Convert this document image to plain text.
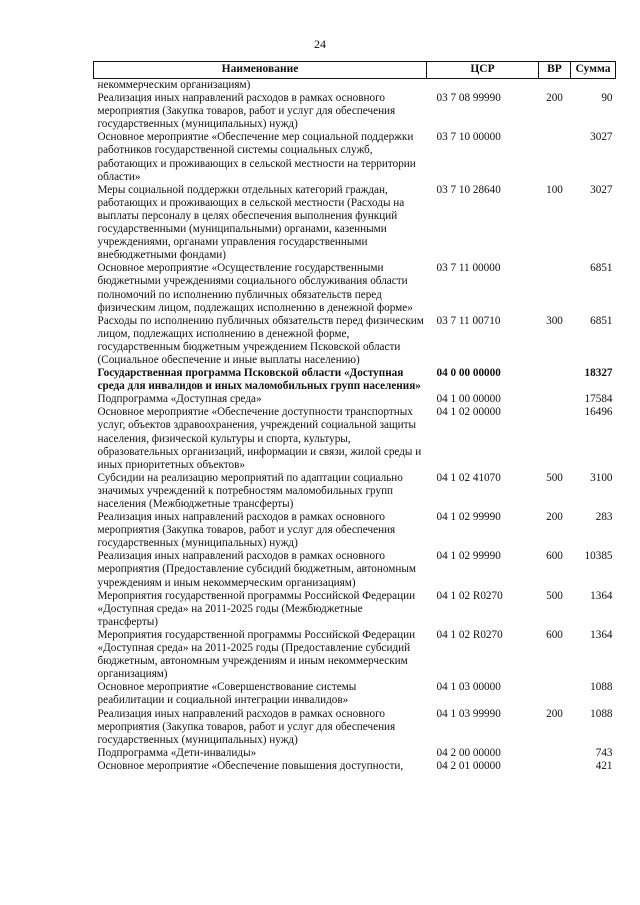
24
Наименование	ЦСР	ВР	Сумма
некоммерческим организациям)			
Реализация иных направлений расходов в рамках основного мероприятия (Закупка товаров, работ и услуг для обеспечения государственных (муниципальных) нужд)	03 7 08 99990	200	90
Основное мероприятие «Обеспечение мер социальной поддержки работников государственной системы социальных служб, работающих и проживающих в сельской местности на территории области»	03 7 10 00000		3027
Меры социальной поддержки отдельных категорий граждан, работающих и проживающих в сельской местности (Расходы на выплаты персоналу в целях обеспечения выполнения функций государственными (муниципальными) органами, казенными учреждениями, органами управления государственными внебюджетными фондами)	03 7 10 28640	100	3027
Основное мероприятие «Осуществление государственными бюджетными учреждениями социального обслуживания области полномочий по исполнению публичных обязательств перед физическим лицом, подлежащих исполнению в денежной форме»	03 7 11 00000		6851
Расходы по исполнению публичных обязательств перед физическим лицом, подлежащих исполнению в денежной форме, государственным бюджетным учреждением Псковской области (Социальное обеспечение и иные выплаты населению)	03 7 11 00710	300	6851
Государственная программа Псковской области «Доступная среда для инвалидов и иных маломобильных групп населения»	04 0 00 00000		18327
Подпрограмма «Доступная среда»	04 1 00 00000		17584
Основное мероприятие «Обеспечение доступности транспортных услуг, объектов здравоохранения, учреждений социальной защиты населения, физической культуры и спорта, культуры, образовательных организаций, информации и связи, жилой среды и иных приоритетных объектов»	04 1 02 00000		16496
Субсидии на реализацию мероприятий по адаптации социально значимых учреждений к потребностям маломобильных групп населения (Межбюджетные трансферты)	04 1 02 41070	500	3100
Реализация иных направлений расходов в рамках основного мероприятия (Закупка товаров, работ и услуг для обеспечения государственных (муниципальных) нужд)	04 1 02 99990	200	283
Реализация иных направлений расходов в рамках основного мероприятия (Предоставление субсидий бюджетным, автономным учреждениям и иным некоммерческим организациям)	04 1 02 99990	600	10385
Мероприятия государственной программы Российской Федерации «Доступная среда» на 2011-2025 годы (Межбюджетные трансферты)	04 1 02 R0270	500	1364
Мероприятия государственной программы Российской Федерации «Доступная среда» на 2011-2025 годы (Предоставление субсидий бюджетным, автономным учреждениям и иным некоммерческим организациям)	04 1 02 R0270	600	1364
Основное мероприятие «Совершенствование системы реабилитации и социальной интеграции инвалидов»	04 1 03 00000		1088
Реализация иных направлений расходов в рамках основного мероприятия (Закупка товаров, работ и услуг для обеспечения государственных (муниципальных) нужд)	04 1 03 99990	200	1088
Подпрограмма «Дети-инвалиды»	04 2 00 00000		743
Основное мероприятие «Обеспечение повышения доступности,	04 2 01 00000		421
